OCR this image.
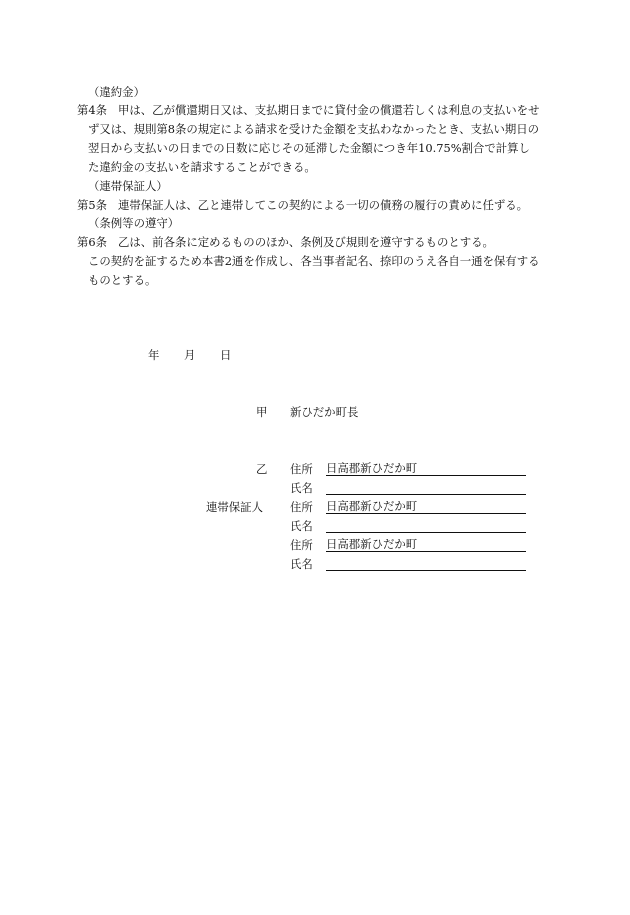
（違約金）
第4条 甲は、乙が償還期日又は、支払期日までに貸付金の償還若しくは利息の支払いをせ
ず又は、規則第8条の規定による請求を受けた金額を支払わなかったとき、支払い期日の
翌日から支払いの日までの日数に応じその延滞した金額につき年10.75%割合で計算し
た違約金の支払いを請求することができる。
（連帯保証人）
第5条 連帯保証人は、乙と連帯してこの契約による一切の債務の履行の責めに任ずる。
（条例等の遵守）
第6条 乙は、前各条に定めるもののほか、条例及び規則を遵守するものとする。
この契約を証するため本書2通を作成し、各当事者記名、捺印のうえ各自一通を保有する
ものとする。
年 月 日
甲 新ひだか町長
乙 住所 日高郡新ひだか町
氏名
連帯保証人 住所 日高郡新ひだか町
氏名
住所 日高郡新ひだか町
氏名
